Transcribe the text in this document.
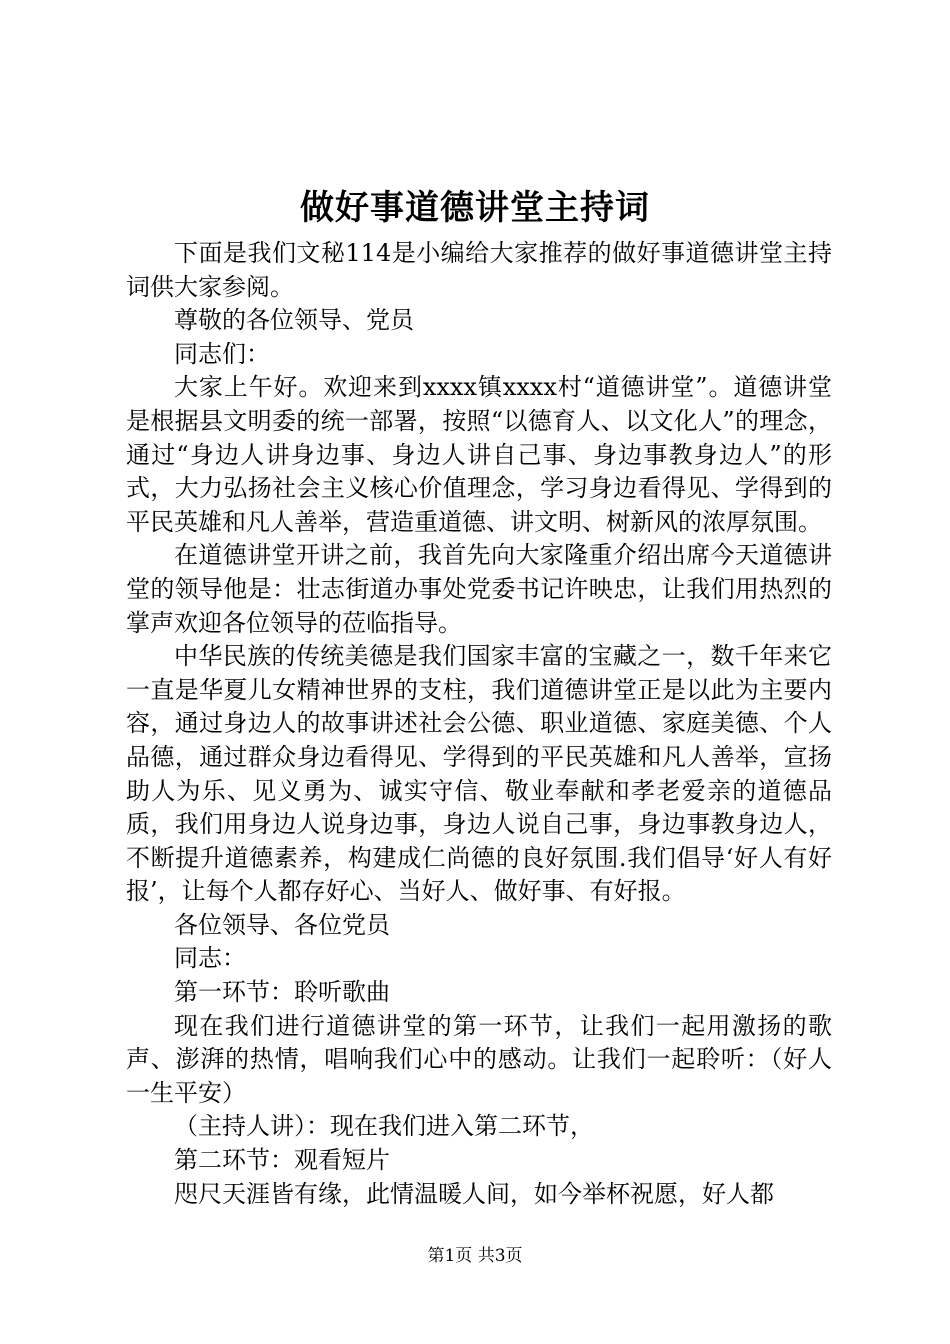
做好事道德讲堂主持词

下面是我们文秘114是小编给大家推荐的做好事道德讲堂主持词供大家参阅。

尊敬的各位领导、党员

同志们：

大家上午好。欢迎来到xxxx镇xxxx村“道德讲堂”。道德讲堂是根据县文明委的统一部署，按照“以德育人、以文化人”的理念，通过“身边人讲身边事、身边人讲自己事、身边事教身边人”的形式，大力弘扬社会主义核心价值理念，学习身边看得见、学得到的平民英雄和凡人善举，营造重道德、讲文明、树新风的浓厚氛围。

在道德讲堂开讲之前，我首先向大家隆重介绍出席今天道德讲堂的领导他是：壮志街道办事处党委书记许映忠，让我们用热烈的掌声欢迎各位领导的莅临指导。

中华民族的传统美德是我们国家丰富的宝藏之一，数千年来它一直是华夏儿女精神世界的支柱，我们道德讲堂正是以此为主要内容，通过身边人的故事讲述社会公德、职业道德、家庭美德、个人品德，通过群众身边看得见、学得到的平民英雄和凡人善举，宣扬助人为乐、见义勇为、诚实守信、敬业奉献和孝老爱亲的道德品质，我们用身边人说身边事，身边人说自己事，身边事教身边人，不断提升道德素养，构建成仁尚德的良好氛围.我们倡导‘好人有好报’，让每个人都存好心、当好人、做好事、有好报。

各位领导、各位党员

同志：

第一环节：聆听歌曲

现在我们进行道德讲堂的第一环节，让我们一起用激扬的歌声、澎湃的热情，唱响我们心中的感动。让我们一起聆听：（好人一生平安）

（主持人讲）：现在我们进入第二环节，

第二环节：观看短片

咫尺天涯皆有缘，此情温暖人间，如今举杯祝愿，好人都

第1页 共3页
